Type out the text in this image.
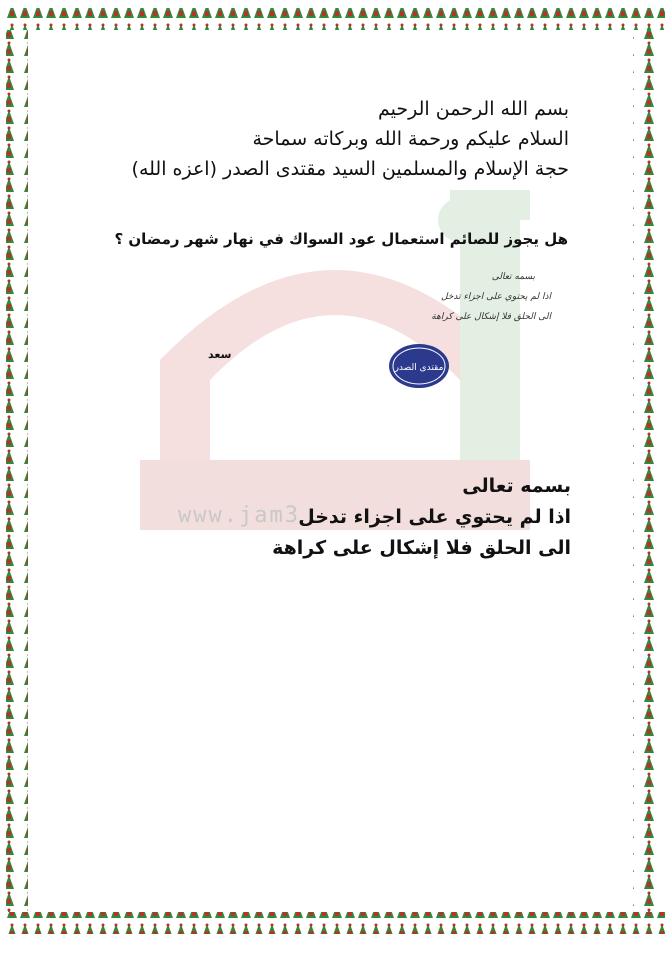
www.jam3
بسم الله الرحمن الرحيم
السلام عليكم ورحمة الله وبركاته سماحة
حجة الإسلام والمسلمين السيد مقتدى الصدر (اعزه الله)
هل يجوز للصائم استعمال عود السواك في نهار شهر رمضان ؟
بسمه تعالى
اذا لم يحتوي على اجزاء تدخل
الى الحلق فلا إشكال على كراهة
سعد
مقتدى الصدر
بسمه تعالى
اذا لم يحتوي على اجزاء تدخل
الى الحلق فلا إشكال على كراهة
